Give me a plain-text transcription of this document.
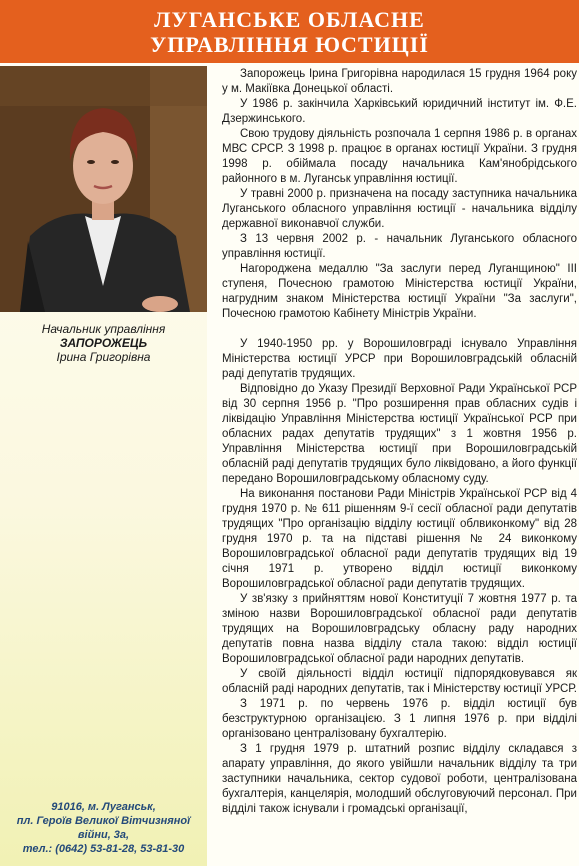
ЛУГАНСЬКЕ ОБЛАСНЕ
УПРАВЛІННЯ ЮСТИЦІЇ
Начальник управління
ЗАПОРОЖЕЦЬ
Ірина Григорівна
91016, м. Луганськ,
пл. Героїв Великої Вітчизняної війни, 3а,
тел.: (0642) 53-81-28, 53-81-30

Запорожець Ірина Григорівна народилася 15 грудня 1964 року у м. Макіївка Донецької області.

У 1986 р. закінчила Харківський юридичний інститут ім. Ф.Е. Дзержинського.

Свою трудову діяльність розпочала 1 серпня 1986 р. в органах МВС СРСР. З 1998 р. працює в органах юстиції України. З грудня 1998 р. обіймала посаду начальника Кам'янобрідського районного в м. Луганськ управління юстиції.

У травні 2000 р. призначена на посаду заступника начальника Луганського обласного управління юстиції - начальника відділу державної виконавчої служби.

З 13 червня 2002 р. - начальник Луганського обласного управління юстиції.

Нагороджена медаллю "За заслуги перед Луганщиною" ІІІ ступеня, Почесною грамотою Міністерства юстиції України, нагрудним знаком Міністерства юстиції України "За заслуги", Почесною грамотою Кабінету Міністрів України.

У 1940-1950 рр. у Ворошиловграді існувало Управління Міністерства юстиції УРСР при Ворошиловградській обласній раді депутатів трудящих.

Відповідно до Указу Президії Верховної Ради Української РСР від 30 серпня 1956 р. "Про розширення прав обласних судів і ліквідацію Управління Міністерства юстиції Української РСР при обласних радах депутатів трудящих" з 1 жовтня 1956 р. Управління Міністерства юстиції при Ворошиловградській обласній раді депутатів трудящих було ліквідовано, а його функції передано Ворошиловградському обласному суду.

На виконання постанови Ради Міністрів Української РСР від 4 грудня 1970 р. № 611 рішенням 9-ї сесії обласної ради депутатів трудящих "Про організацію відділу юстиції облвиконкому" від 28 грудня 1970 р. та на підставі рішення № 24 виконкому Ворошиловградської обласної ради депутатів трудящих від 19 січня 1971 р. утворено відділ юстиції виконкому Ворошиловградської обласної ради депутатів трудящих.

У зв'язку з прийняттям нової Конституції 7 жовтня 1977 р. та зміною назви Ворошиловградської обласної ради депутатів трудящих на Ворошиловградську обласну раду народних депутатів повна назва відділу стала такою: відділ юстиції Ворошиловградської обласної ради народних депутатів.

У своїй діяльності відділ юстиції підпорядковувався як обласній раді народних депутатів, так і Міністерству юстиції УРСР.

З 1971 р. по червень 1976 р. відділ юстиції був безструктурною організацією. З 1 липня 1976 р. при відділі організовано централізовану бухгалтерію.

З 1 грудня 1979 р. штатний розпис відділу складався з апарату управління, до якого увійшли начальник відділу та три заступники начальника, сектор судової роботи, централізована бухгалтерія, канцелярія, молодший обслуговуючий персонал. При відділі також існували і громадські організації,
